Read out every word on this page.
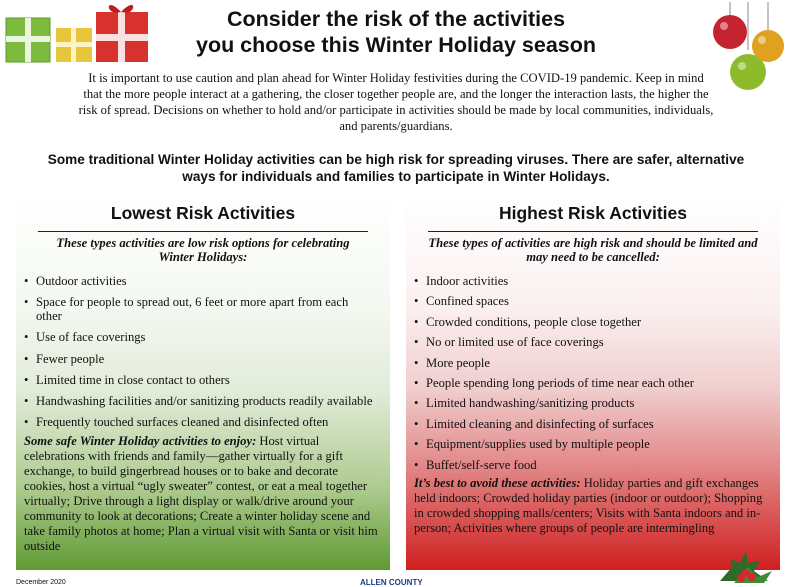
Consider the risk of the activities
you choose this Winter Holiday season
It is important to use caution and plan ahead for Winter Holiday festivities during the COVID-19 pandemic. Keep in mind that the more people interact at a gathering, the closer together people are, and the longer the interaction lasts, the higher the risk of spread. Decisions on whether to hold and/or participate in activities should be made by local communities, individuals, and parents/guardians.
Some traditional Winter Holiday activities can be high risk for spreading viruses. There are safer, alternative ways for individuals and families to participate in Winter Holidays.
Lowest Risk Activities
These types activities are low risk options for celebrating Winter Holidays:
• Outdoor activities
• Space for people to spread out, 6 feet or more apart from each other
• Use of face coverings
• Fewer people
• Limited time in close contact to others
• Handwashing facilities and/or sanitizing products readily available
• Frequently touched surfaces cleaned and disinfected often
Some safe Winter Holiday activities to enjoy: Host virtual celebrations with friends and family—gather virtually for a gift exchange, to build gingerbread houses or to bake and decorate cookies, host a virtual “ugly sweater” contest, or eat a meal together virtually; Drive through a light display or walk/drive around your community to look at decorations; Create a winter holiday scene and take family photos at home; Plan a virtual visit with Santa or visit him outside
Highest Risk Activities
These types of activities are high risk and should be limited and may need to be cancelled:
• Indoor activities
• Confined spaces
• Crowded conditions, people close together
• No or limited use of face coverings
• More people
• People spending long periods of time near each other
• Limited handwashing/sanitizing products
• Limited cleaning and disinfecting of surfaces
• Equipment/supplies used by multiple people
• Buffet/self-serve food
It’s best to avoid these activities: Holiday parties and gift exchanges held indoors; Crowded holiday parties (indoor or outdoor); Shopping in crowded shopping malls/centers; Visits with Santa indoors and in-person; Activities where groups of people are intermingling
December 2020	ALLEN COUNTY
